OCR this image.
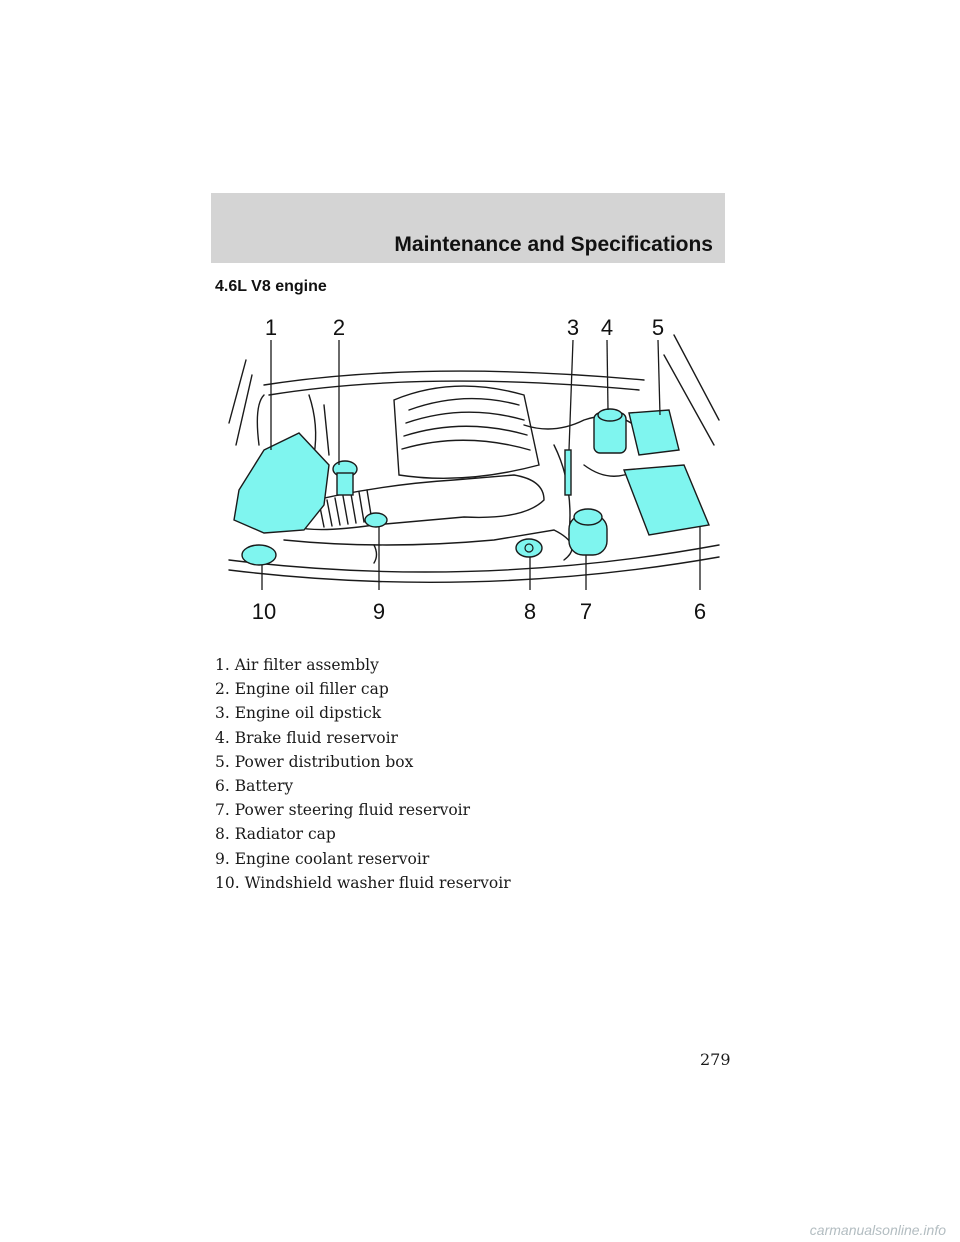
Maintenance and Specifications
4.6L V8 engine
1	2	3 4 5
6
7
8
9
10
1. Air filter assembly
2. Engine oil filler cap
3. Engine oil dipstick
4. Brake fluid reservoir
5. Power distribution box
6. Battery
7. Power steering fluid reservoir
8. Radiator cap
9. Engine coolant reservoir
10. Windshield washer fluid reservoir
279
carmanualsonline.info
